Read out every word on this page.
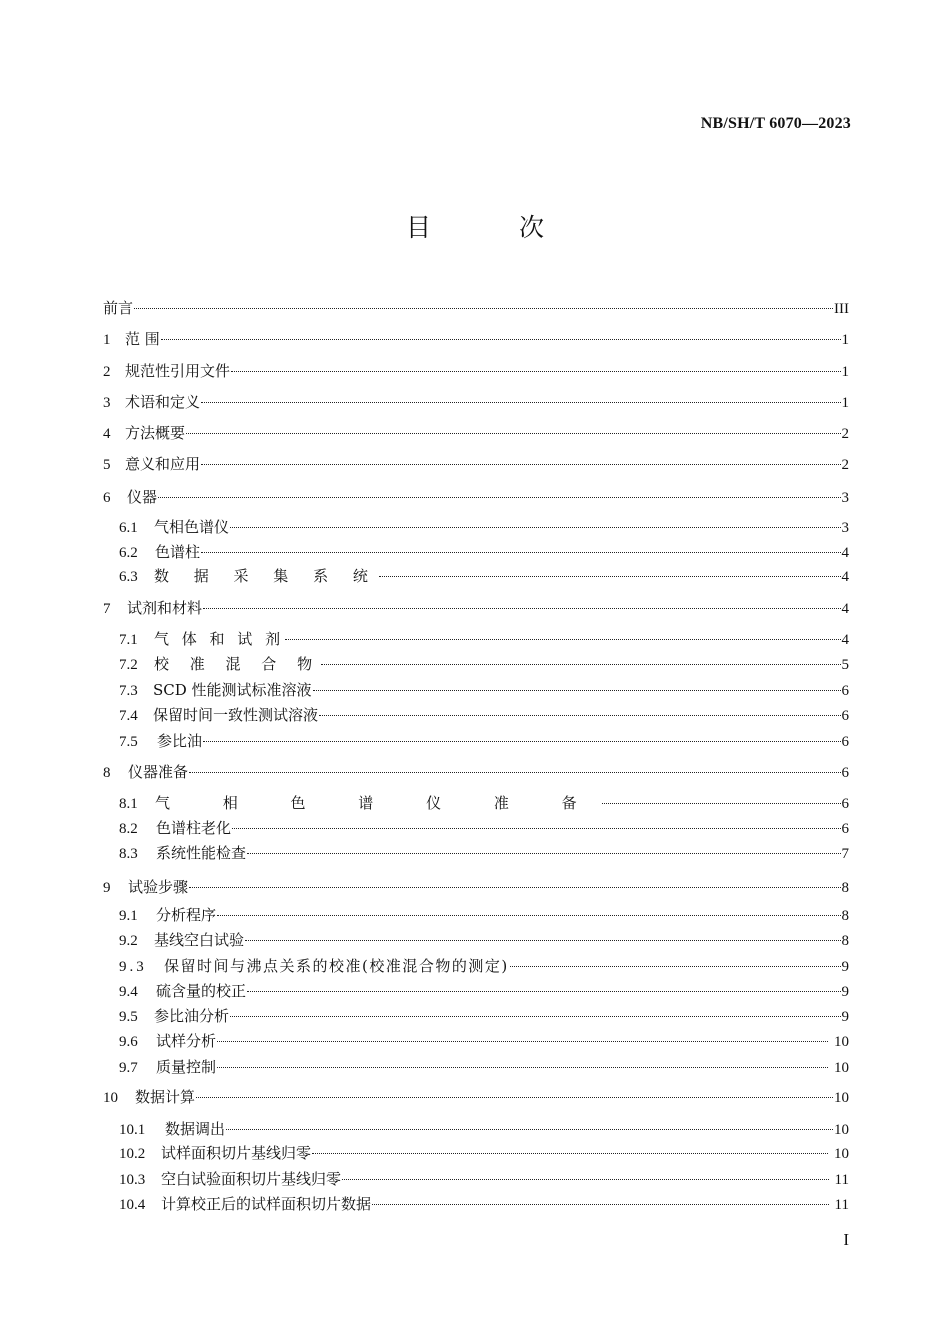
NB/SH/T 6070—2023
目 次
前言	III
1 范 围	1
2 规范性引用文件	1
3 术语和定义	1
4 方法概要	2
5 意义和应用	2
6	仪器	3
6.1	气相色谱仪	3
6.2	色谱柱	4
6.3	数 据 采 集 系 统	4
7	试剂和材料	4
7.1	气 体 和 试 剂	4
7.2	校 准 混 合 物	5
7.3	SCD 性能测试标准溶液	6
7.4	保留时间一致性测试溶液	6
7.5	参比油	6
8	仪器准备	6
8.1	气 相 色 谱 仪 准 备	6
8.2	色谱柱老化	6
8.3	系统性能检查	7
9	试验步骤	8
9.1	分析程序	8
9.2	基线空白试验	8
9.3	保留时间与沸点关系的校准(校准混合物的测定)	9
9.4	硫含量的校正	9
9.5	参比油分析	9
9.6	试样分析	10
9.7	质量控制	10
10	数据计算	10
10.1	数据调出	10
10.2	试样面积切片基线归零	10
10.3	空白试验面积切片基线归零	11
10.4	计算校正后的试样面积切片数据	11
I
